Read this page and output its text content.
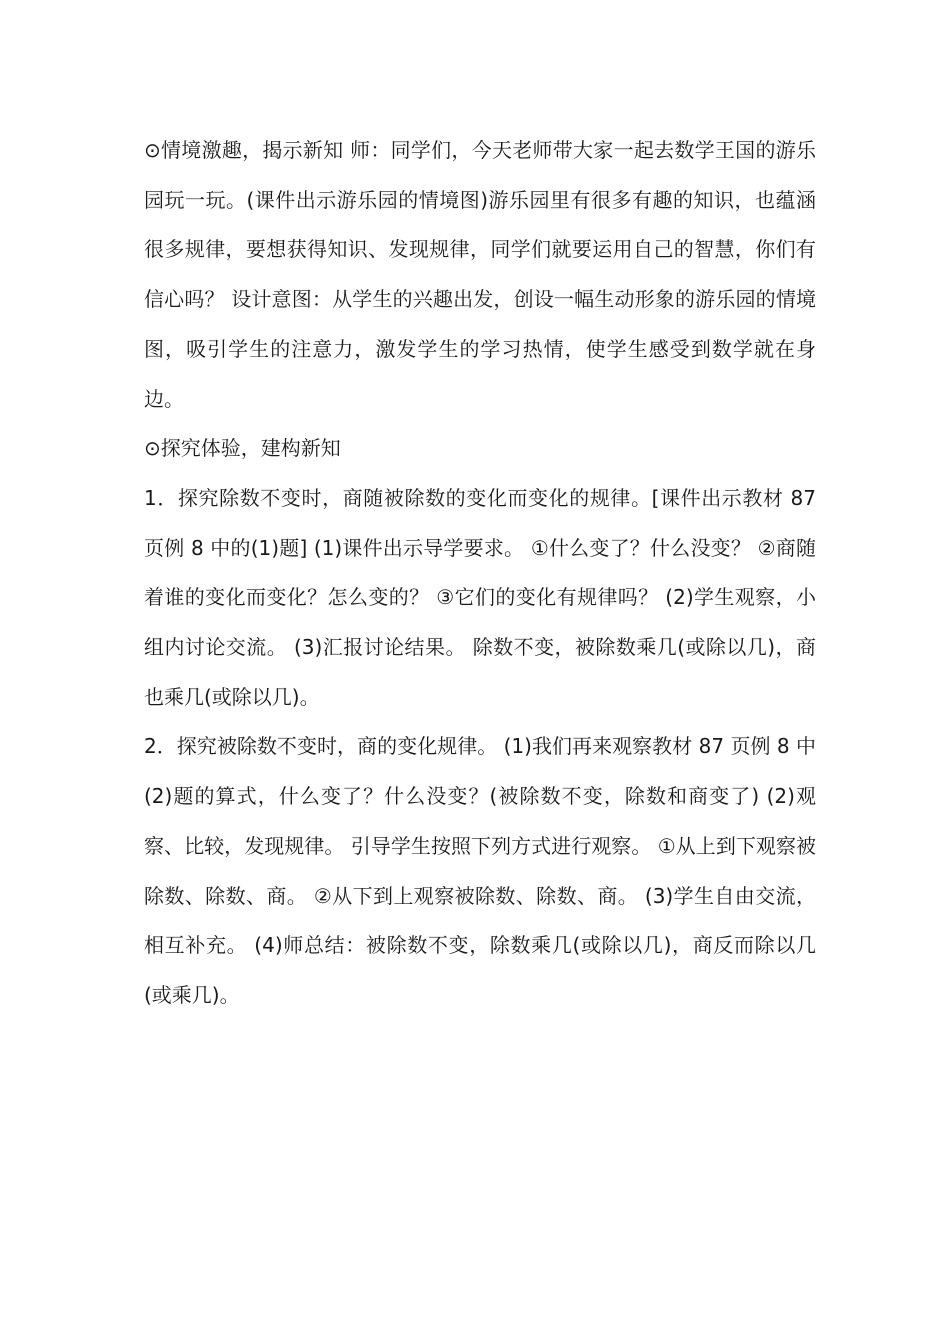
⊙情境激趣，揭示新知 师：同学们，今天老师带大家一起去数学王国的游乐园玩一玩。(课件出示游乐园的情境图)游乐园里有很多有趣的知识，也蕴涵很多规律，要想获得知识、发现规律，同学们就要运用自己的智慧，你们有信心吗？ 设计意图：从学生的兴趣出发，创设一幅生动形象的游乐园的情境图，吸引学生的注意力，激发学生的学习热情，使学生感受到数学就在身边。

⊙探究体验，建构新知

1．探究除数不变时，商随被除数的变化而变化的规律。[课件出示教材 87 页例 8 中的(1)题] (1)课件出示导学要求。 ①什么变了？什么没变？ ②商随着谁的变化而变化？怎么变的？ ③它们的变化有规律吗？ (2)学生观察，小组内讨论交流。 (3)汇报讨论结果。 除数不变，被除数乘几(或除以几)，商也乘几(或除以几)。

2．探究被除数不变时，商的变化规律。 (1)我们再来观察教材 87 页例 8 中(2)题的算式，什么变了？什么没变？(被除数不变，除数和商变了) (2)观察、比较，发现规律。 引导学生按照下列方式进行观察。 ①从上到下观察被除数、除数、商。 ②从下到上观察被除数、除数、商。 (3)学生自由交流，相互补充。 (4)师总结：被除数不变，除数乘几(或除以几)，商反而除以几(或乘几)。
